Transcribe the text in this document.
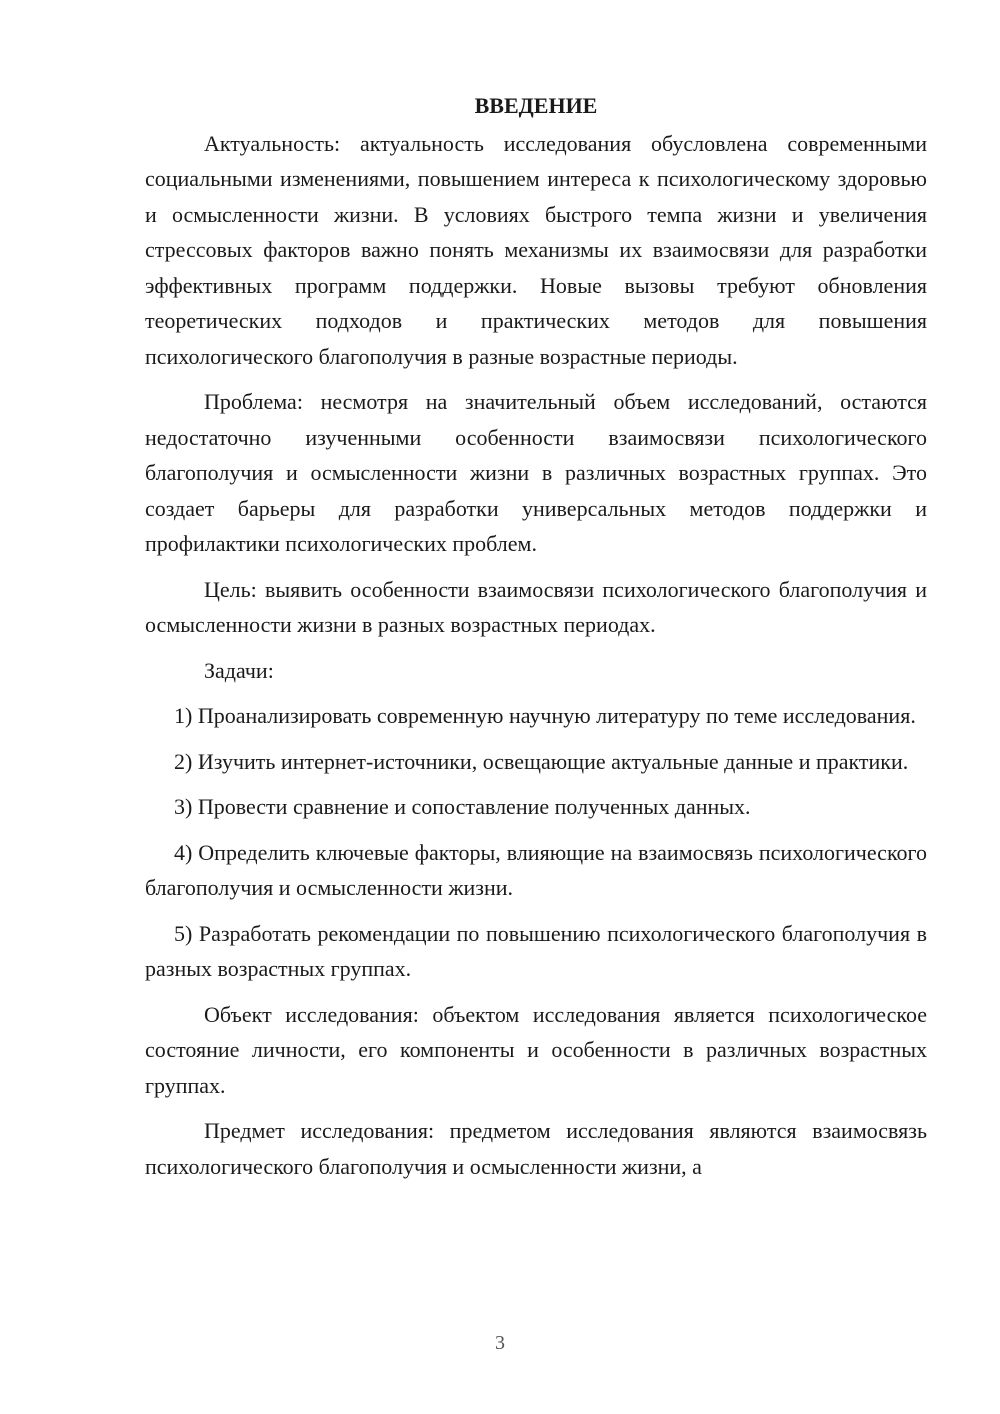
ВВЕДЕНИЕ

Актуальность: актуальность исследования обусловлена современными социальными изменениями, повышением интереса к психологическому здоровью и осмысленности жизни. В условиях быстрого темпа жизни и увеличения стрессовых факторов важно понять механизмы их взаимосвязи для разработки эффективных программ поддержки. Новые вызовы требуют обновления теоретических подходов и практических методов для повышения психологического благополучия в разные возрастные периоды.

Проблема: несмотря на значительный объем исследований, остаются недостаточно изученными особенности взаимосвязи психологического благополучия и осмысленности жизни в различных возрастных группах. Это создает барьеры для разработки универсальных методов поддержки и профилактики психологических проблем.

Цель: выявить особенности взаимосвязи психологического благополучия и осмысленности жизни в разных возрастных периодах.

Задачи:

1) Проанализировать современную научную литературу по теме исследования.

2) Изучить интернет-источники, освещающие актуальные данные и практики.

3) Провести сравнение и сопоставление полученных данных.

4) Определить ключевые факторы, влияющие на взаимосвязь психологического благополучия и осмысленности жизни.

5) Разработать рекомендации по повышению психологического благополучия в разных возрастных группах.

Объект исследования: объектом исследования является психологическое состояние личности, его компоненты и особенности в различных возрастных группах.

Предмет исследования: предметом исследования являются взаимосвязь психологического благополучия и осмысленности жизни, а

3
